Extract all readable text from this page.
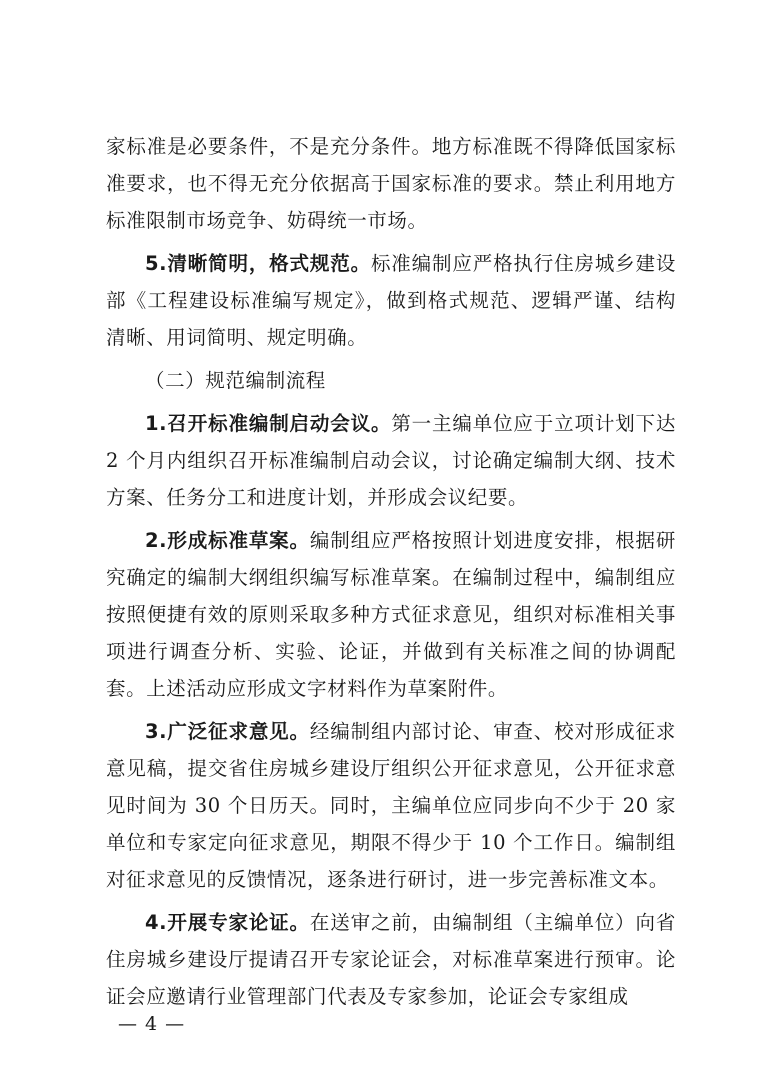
家标准是必要条件，不是充分条件。地方标准既不得降低国家标准要求，也不得无充分依据高于国家标准的要求。禁止利用地方标准限制市场竞争、妨碍统一市场。

5.清晰简明，格式规范。标准编制应严格执行住房城乡建设部《工程建设标准编写规定》，做到格式规范、逻辑严谨、结构清晰、用词简明、规定明确。

（二）规范编制流程

1.召开标准编制启动会议。第一主编单位应于立项计划下达 2 个月内组织召开标准编制启动会议，讨论确定编制大纲、技术方案、任务分工和进度计划，并形成会议纪要。

2.形成标准草案。编制组应严格按照计划进度安排，根据研究确定的编制大纲组织编写标准草案。在编制过程中，编制组应按照便捷有效的原则采取多种方式征求意见，组织对标准相关事项进行调查分析、实验、论证，并做到有关标准之间的协调配套。上述活动应形成文字材料作为草案附件。

3.广泛征求意见。经编制组内部讨论、审查、校对形成征求意见稿，提交省住房城乡建设厅组织公开征求意见，公开征求意见时间为 30 个日历天。同时，主编单位应同步向不少于 20 家单位和专家定向征求意见，期限不得少于 10 个工作日。编制组对征求意见的反馈情况，逐条进行研讨，进一步完善标准文本。

4.开展专家论证。在送审之前，由编制组（主编单位）向省住房城乡建设厅提请召开专家论证会，对标准草案进行预审。论证会应邀请行业管理部门代表及专家参加，论证会专家组成

— 4 —
